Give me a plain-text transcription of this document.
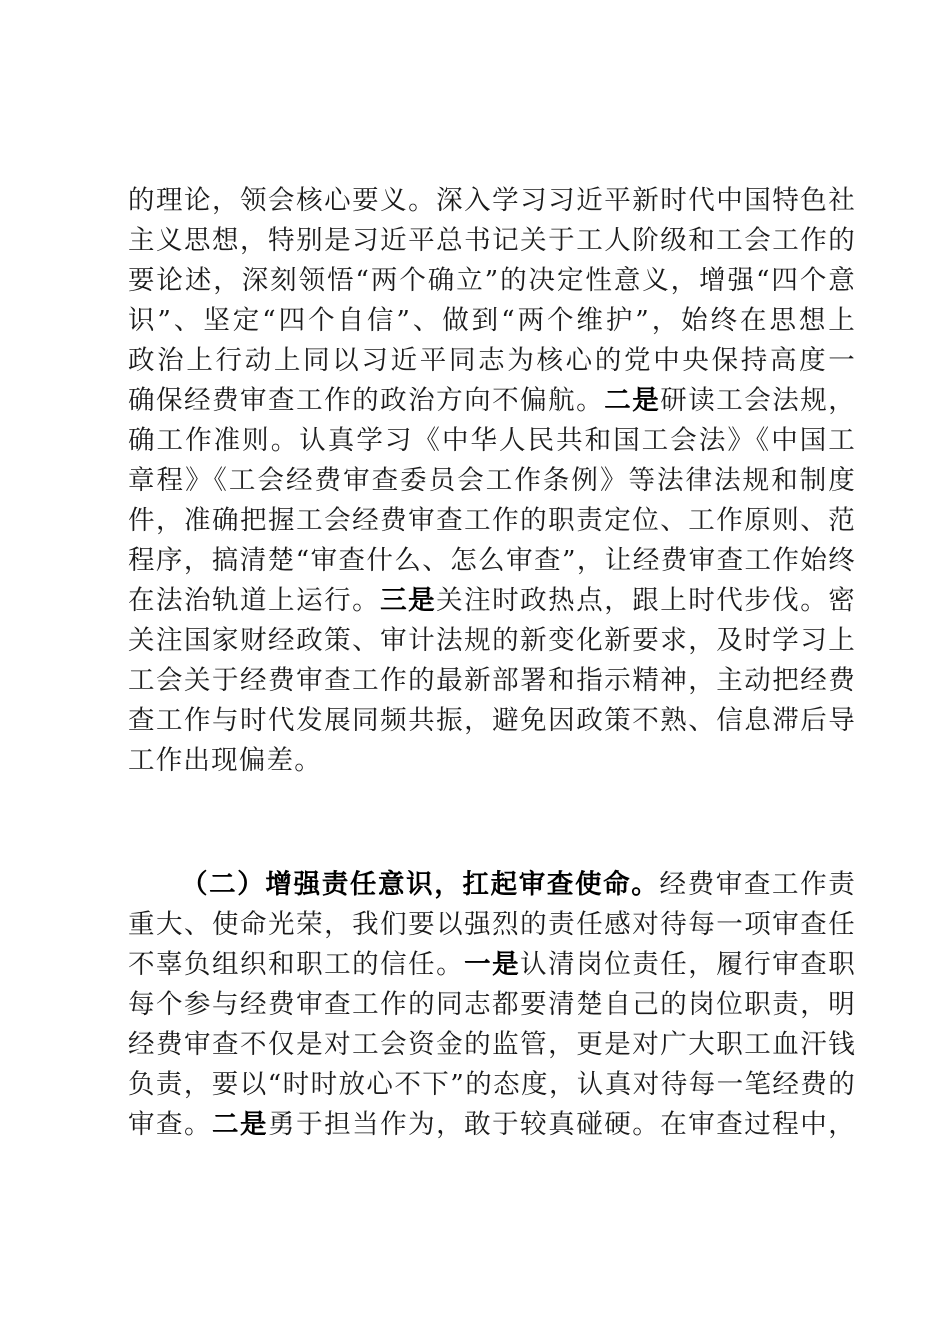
的理论，领会核心要义。深入学习习近平新时代中国特色社
主义思想，特别是习近平总书记关于工人阶级和工会工作的
要论述，深刻领悟“两个确立”的决定性意义，增强“四个意
识”、坚定“四个自信”、做到“两个维护”，始终在思想上
政治上行动上同以习近平同志为核心的党中央保持高度一
确保经费审查工作的政治方向不偏航。二是研读工会法规，
确工作准则。认真学习《中华人民共和国工会法》《中国工
章程》《工会经费审查委员会工作条例》等法律法规和制度
件，准确把握工会经费审查工作的职责定位、工作原则、范
程序，搞清楚“审查什么、怎么审查”，让经费审查工作始终
在法治轨道上运行。三是关注时政热点，跟上时代步伐。密
关注国家财经政策、审计法规的新变化新要求，及时学习上
工会关于经费审查工作的最新部署和指示精神，主动把经费
查工作与时代发展同频共振，避免因政策不熟、信息滞后导
工作出现偏差。
（二）增强责任意识，扛起审查使命。经费审查工作责
重大、使命光荣，我们要以强烈的责任感对待每一项审查任
不辜负组织和职工的信任。一是认清岗位责任，履行审查职
每个参与经费审查工作的同志都要清楚自己的岗位职责，明
经费审查不仅是对工会资金的监管，更是对广大职工血汗钱
负责，要以“时时放心不下”的态度，认真对待每一笔经费的
审查。二是勇于担当作为，敢于较真碰硬。在审查过程中，
